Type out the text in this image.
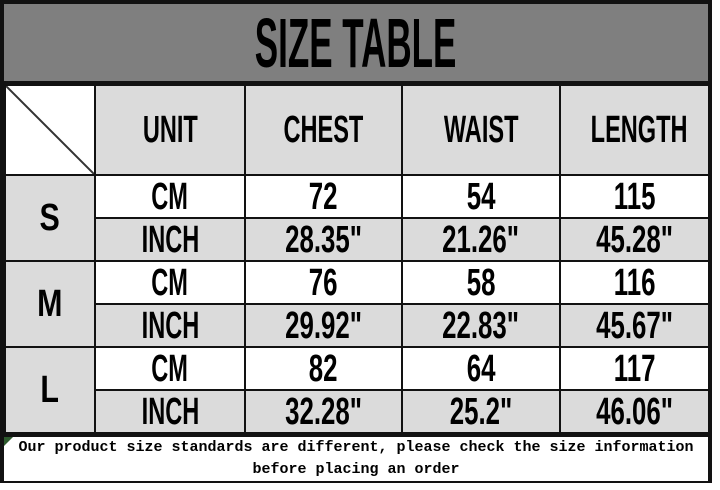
SIZE TABLE
	UNIT	CHEST	WAIST	LENGTH
S	CM	72	54	115
	INCH	28.35"	21.26"	45.28"
M	CM	76	58	116
	INCH	29.92"	22.83"	45.67"
L	CM	82	64	117
	INCH	32.28"	25.2"	46.06"
Our product size standards are different, please check the size information
before placing an order
